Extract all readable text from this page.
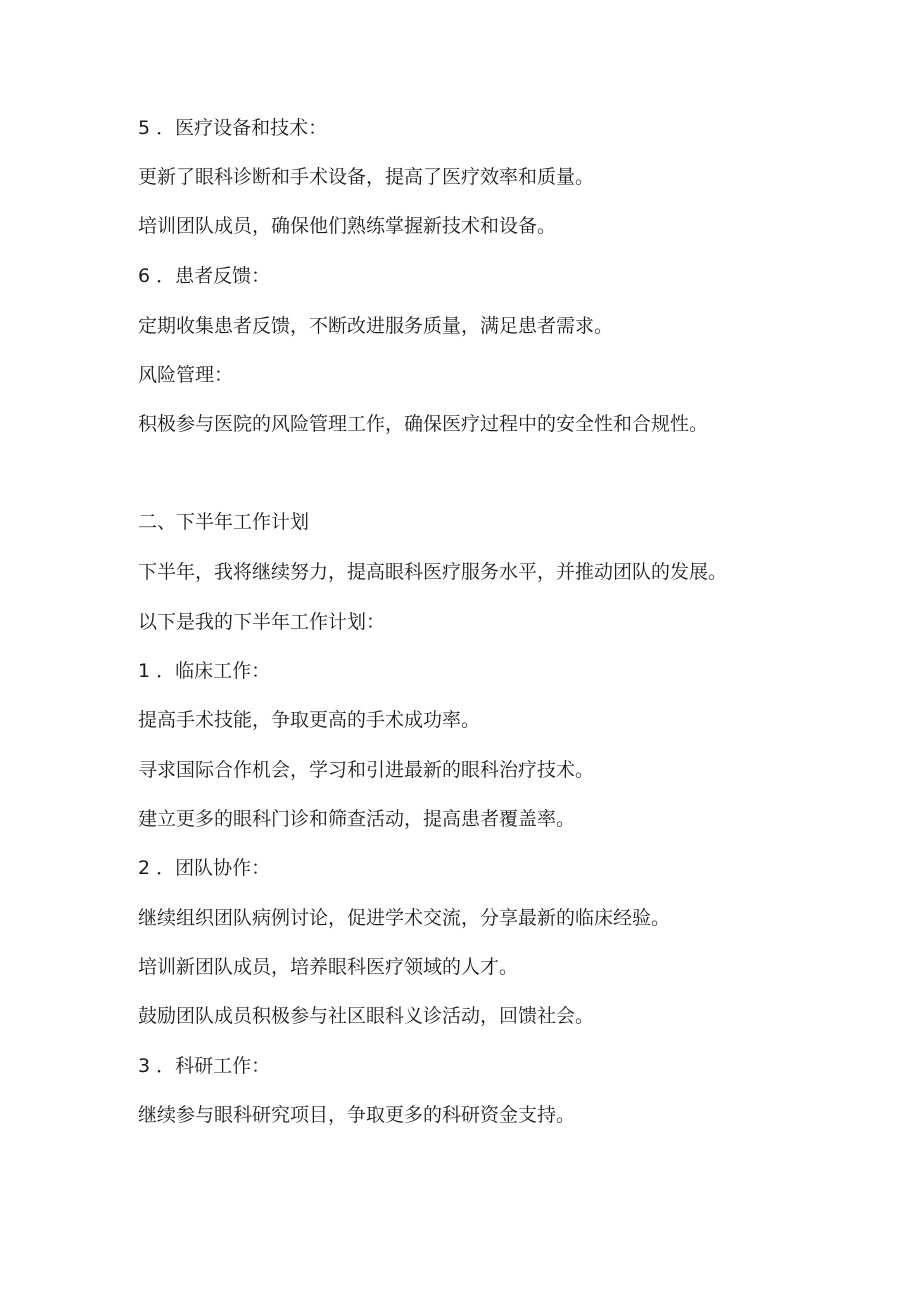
5 ．医疗设备和技术：
更新了眼科诊断和手术设备，提高了医疗效率和质量。
培训团队成员，确保他们熟练掌握新技术和设备。
6 ．患者反馈：
定期收集患者反馈，不断改进服务质量，满足患者需求。
风险管理：
积极参与医院的风险管理工作，确保医疗过程中的安全性和合规性。
二、下半年工作计划
下半年，我将继续努力，提高眼科医疗服务水平，并推动团队的发展。
以下是我的下半年工作计划：
1 ．临床工作：
提高手术技能，争取更高的手术成功率。
寻求国际合作机会，学习和引进最新的眼科治疗技术。
建立更多的眼科门诊和筛查活动，提高患者覆盖率。
2 ．团队协作：
继续组织团队病例讨论，促进学术交流，分享最新的临床经验。
培训新团队成员，培养眼科医疗领域的人才。
鼓励团队成员积极参与社区眼科义诊活动，回馈社会。
3 ．科研工作：
继续参与眼科研究项目，争取更多的科研资金支持。
